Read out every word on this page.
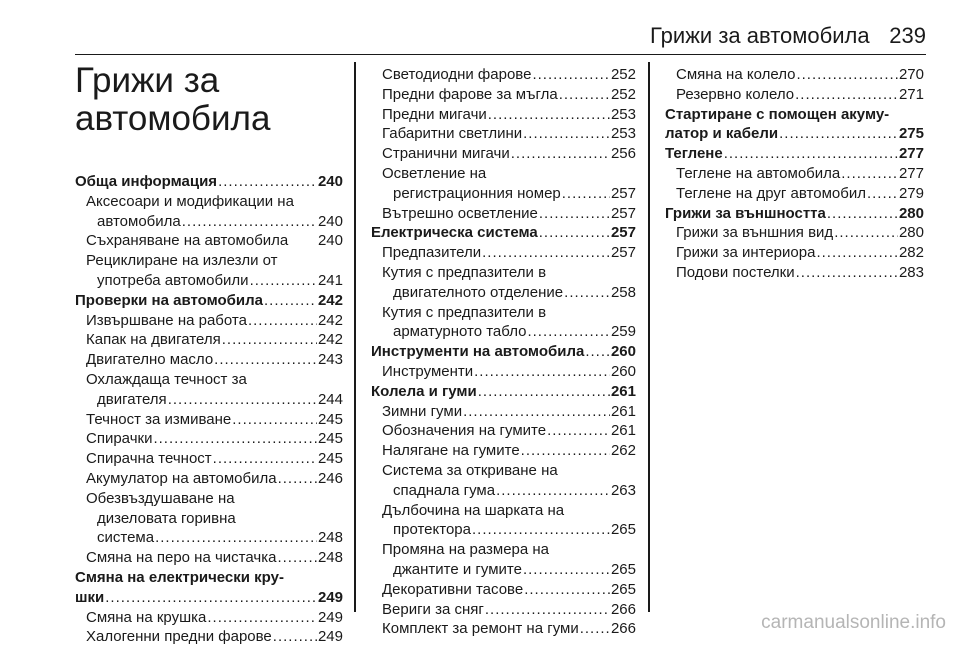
Грижи за автомобила 239
Грижи за автомобила
Обща информация .....	240
Аксесоари и модификации на
автомобила .....	240
Съхраняване на автомобила 240
Рециклиране на излезли от
употреба автомобили .....	241
Проверки на автомобила .....	242
Извършване на работа .....	242
Капак на двигателя .....	242
Двигателно масло .....	243
Охлаждаща течност за
двигателя .....	244
Течност за измиване .....	245
Спирачки .....	245
Спирачна течност .....	245
Акумулатор на автомобила .....	246
Обезвъздушаване на
дизеловата горивна
система .....	248
Смяна на перо на чистачка .....	248
Смяна на електрически кру-
шки .....	249
Смяна на крушка .....	249
Халогенни предни фарове .....	249
Светодиодни фарове .....	252
Предни фарове за мъгла .....	252
Предни мигачи .....	253
Габаритни светлини .....	253
Странични мигачи .....	256
Осветление на
регистрационния номер .....	257
Вътрешно осветление .....	257
Електрическа система .....	257
Предпазители .....	257
Кутия с предпазители в
двигателното отделение .....	258
Кутия с предпазители в
арматурното табло .....	259
Инструменти на автомобила ..... 260
Инструменти .....	260
Колела и гуми .....	261
Зимни гуми .....	261
Обозначения на гумите .....	261
Налягане на гумите .....	262
Система за откриване на
спаднала гума .....	263
Дълбочина на шарката на
протектора .....	265
Промяна на размера на
джантите и гумите .....	265
Декоративни тасове .....	265
Вериги за сняг .....	266
Комплект за ремонт на гуми ..... 266
Смяна на колело .....	270
Резервно колело .....	271
Стартиране с помощен акуму-
латор и кабели .....	275
Теглене .....	277
Теглене на автомобила .....	277
Теглене на друг автомобил ..... 279
Грижи за външността .....	280
Грижи за външния вид .....	280
Грижи за интериора .....	282
Подови постелки .....	283
carmanualsonline.info
